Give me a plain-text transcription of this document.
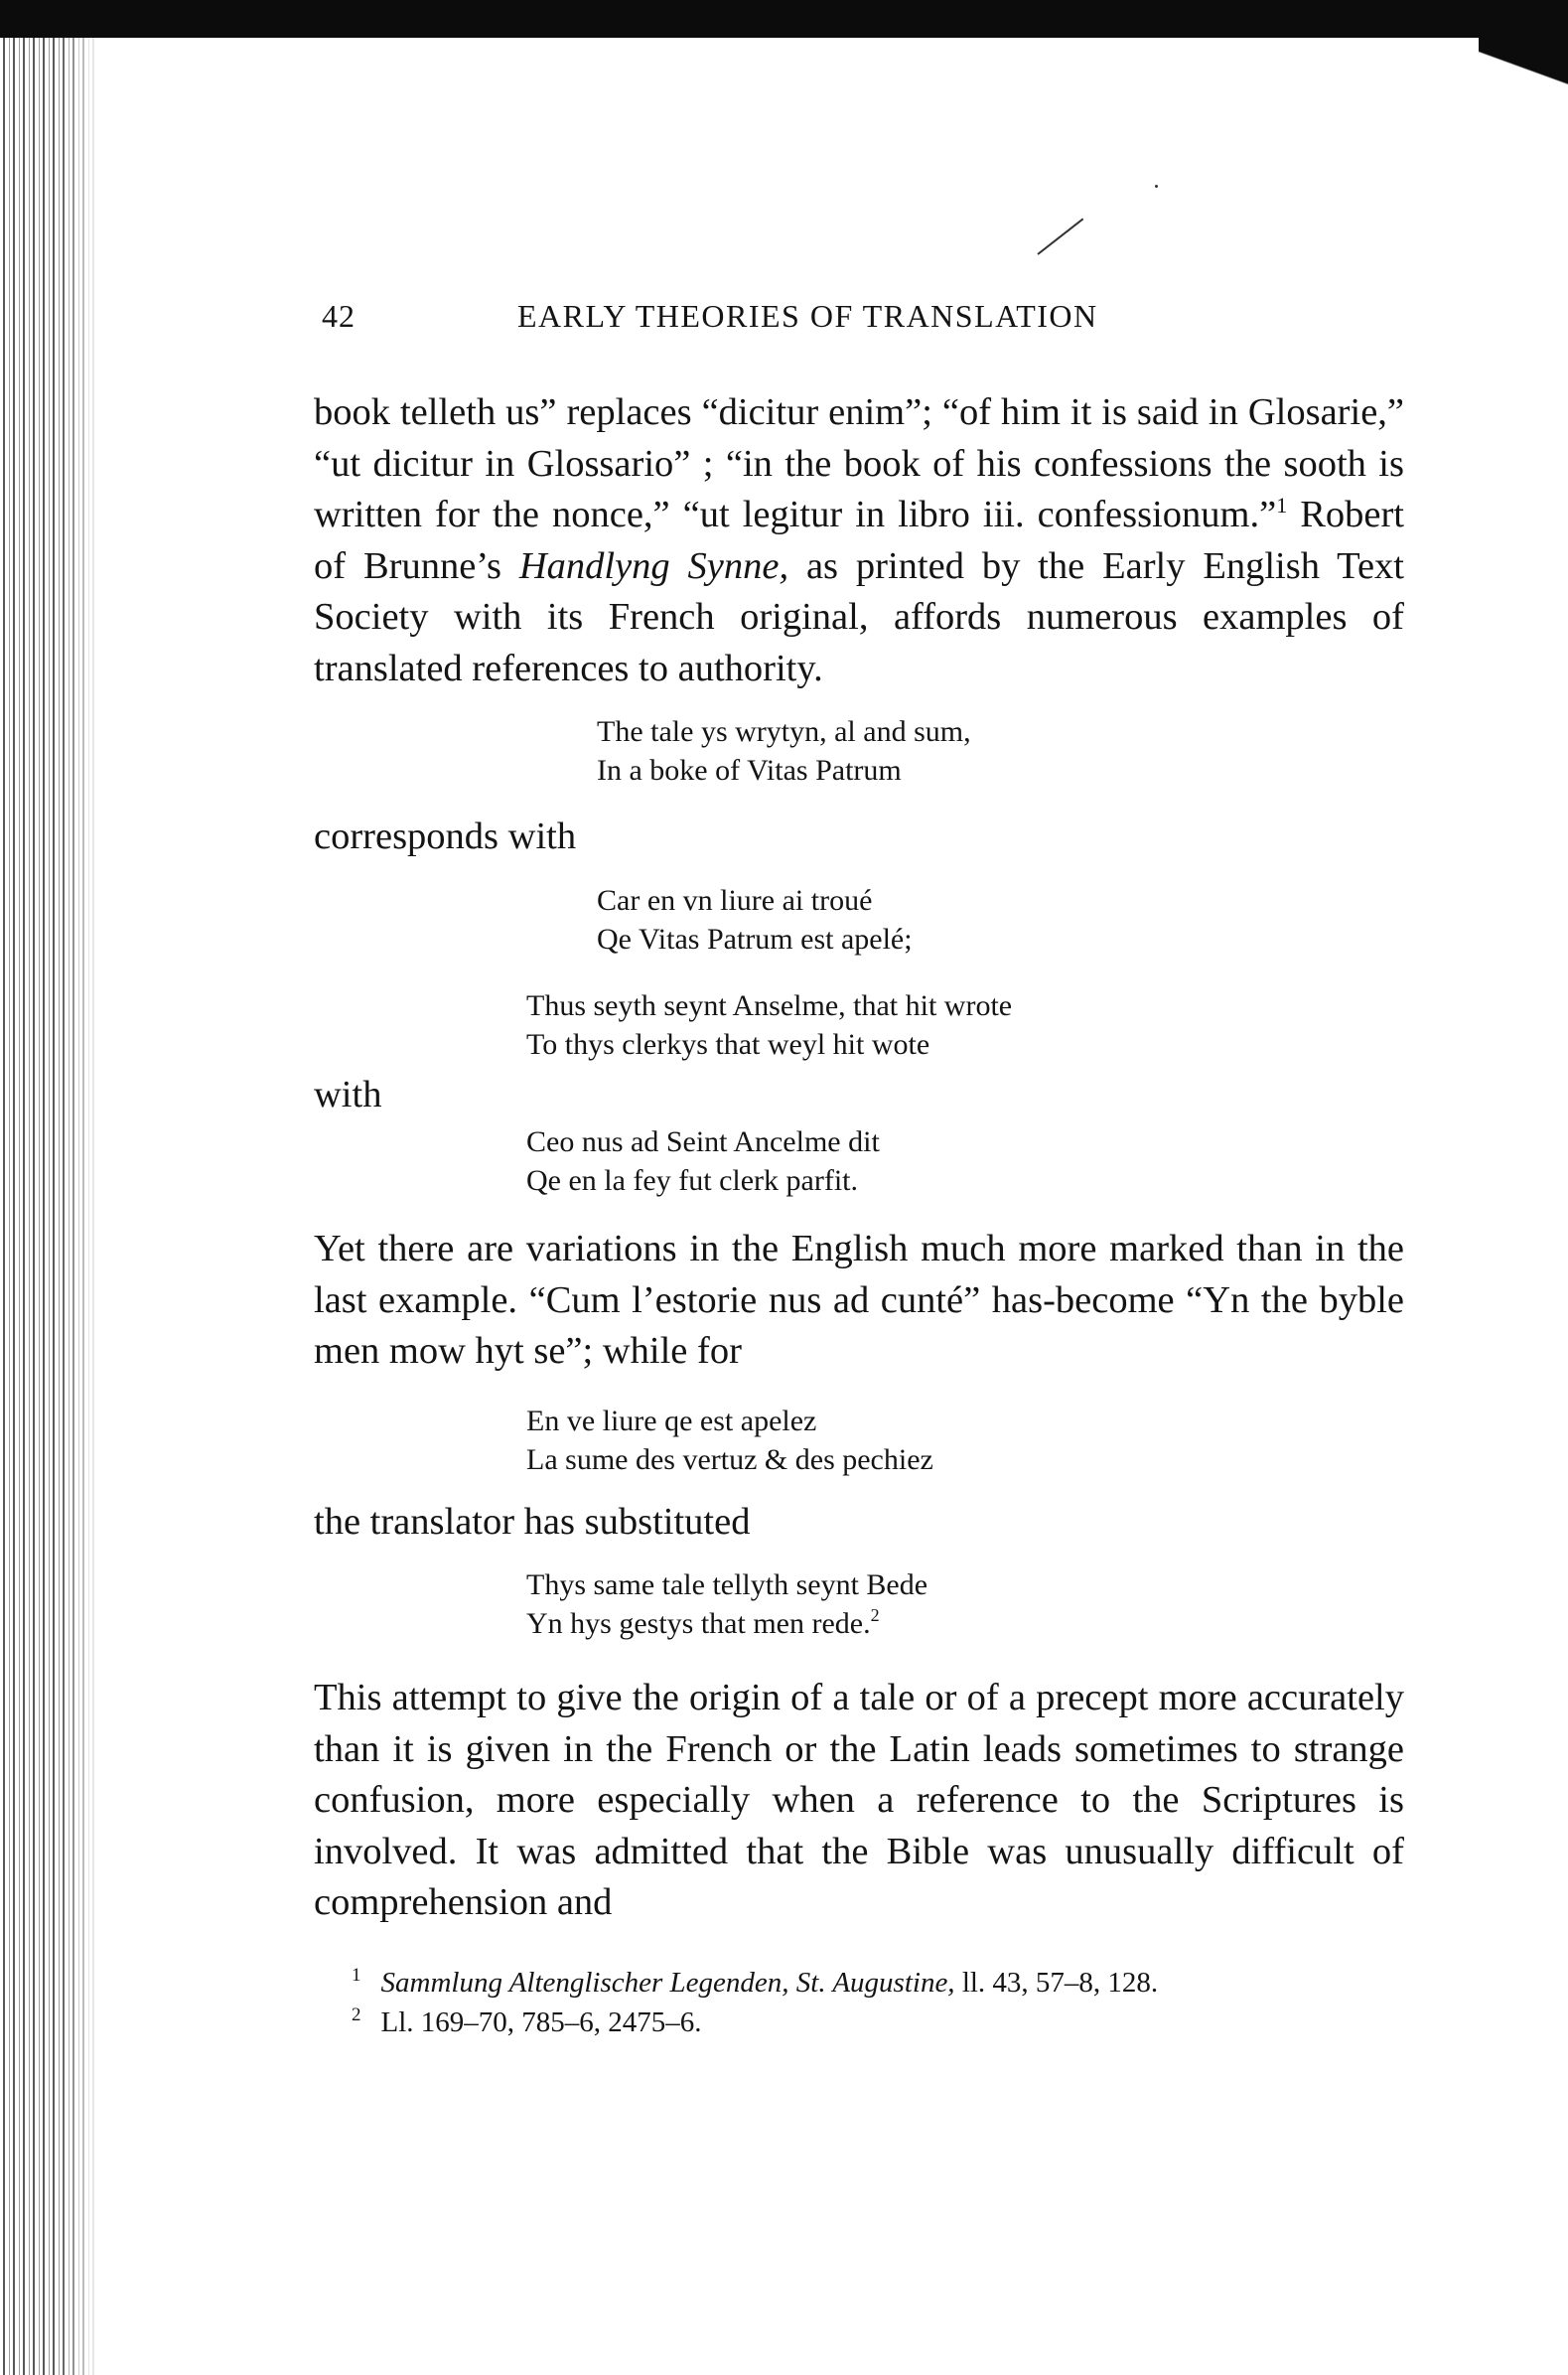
42	EARLY THEORIES OF TRANSLATION

book telleth us” replaces “dicitur enim”; “of him it is said in Glosarie,” “ut dicitur in Glossario” ; “in the book of his confessions the sooth is written for the nonce,” “ut legitur in libro iii. confessionum.”$^1$ Robert of Brunne’s Handlyng Synne, as printed by the Early English Text Society with its French original, affords numerous examples of translated references to authority.

The tale ys wrytyn, al and sum,
In a boke of Vitas Patrum

corresponds with

Car en vn liure ai troué
Qe Vitas Patrum est apelé;
Thus seyth seynt Anselme, that hit wrote
To thys clerkys that weyl hit wote

with

Ceo nus ad Seint Ancelme dit
Qe en la fey fut clerk parfit.

Yet there are variations in the English much more marked than in the last example. “Cum l’estorie nus ad cunté” has-become “Yn the byble men mow hyt se”; while for

En ve liure qe est apelez
La sume des vertuz & des pechiez

the translator has substituted

Thys same tale tellyth seynt Bede
Yn hys gestys that men rede.$^2$

This attempt to give the origin of a tale or of a precept more accurately than it is given in the French or the Latin leads sometimes to strange confusion, more especially when a reference to the Scriptures is involved. It was admitted that the Bible was unusually difficult of comprehension and

$^1$ Sammlung Altenglischer Legenden, St. Augustine, ll. 43, 57–8, 128.

$^2$ Ll. 169–70, 785–6, 2475–6.
